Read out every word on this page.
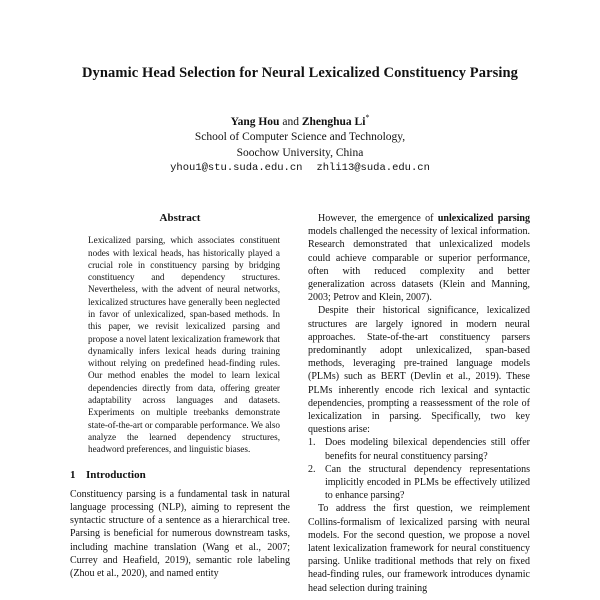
Dynamic Head Selection for Neural Lexicalized Constituency Parsing
Yang Hou and Zhenghua Li*
School of Computer Science and Technology,
Soochow University, China
yhou1@stu.suda.edu.cn zhli13@suda.edu.cn
Abstract
Lexicalized parsing, which associates constituent nodes with lexical heads, has historically played a crucial role in constituency parsing by bridging constituency and dependency structures. Nevertheless, with the advent of neural networks, lexicalized structures have generally been neglected in favor of unlexicalized, span-based methods. In this paper, we revisit lexicalized parsing and propose a novel latent lexicalization framework that dynamically infers lexical heads during training without relying on predefined head-finding rules. Our method enables the model to learn lexical dependencies directly from data, offering greater adaptability across languages and datasets. Experiments on multiple treebanks demonstrate state-of-the-art or comparable performance. We also analyze the learned dependency structures, headword preferences, and linguistic biases.
1 Introduction

Constituency parsing is a fundamental task in natural language processing (NLP), aiming to represent the syntactic structure of a sentence as a hierarchical tree. Parsing is beneficial for numerous downstream tasks, including machine translation (Wang et al., 2007; Currey and Heafield, 2019), semantic role labeling (Zhou et al., 2020), and named entity

However, the emergence of unlexicalized parsing models challenged the necessity of lexical information. Research demonstrated that unlexicalized models could achieve comparable or superior performance, often with reduced complexity and better generalization across datasets (Klein and Manning, 2003; Petrov and Klein, 2007).

Despite their historical significance, lexicalized structures are largely ignored in modern neural approaches. State-of-the-art constituency parsers predominantly adopt unlexicalized, span-based methods, leveraging pre-trained language models (PLMs) such as BERT (Devlin et al., 2019). These PLMs inherently encode rich lexical and syntactic dependencies, prompting a reassessment of the role of lexicalization in parsing. Specifically, two key questions arise:

1. Does modeling bilexical dependencies still offer benefits for neural constituency parsing?
2. Can the structural dependency representations implicitly encoded in PLMs be effectively utilized to enhance parsing?

To address the first question, we reimplement Collins-formalism of lexicalized parsing with neural models. For the second question, we propose a novel latent lexicalization framework for neural constituency parsing. Unlike traditional methods that rely on fixed head-finding rules, our framework introduces dynamic head selection during training
